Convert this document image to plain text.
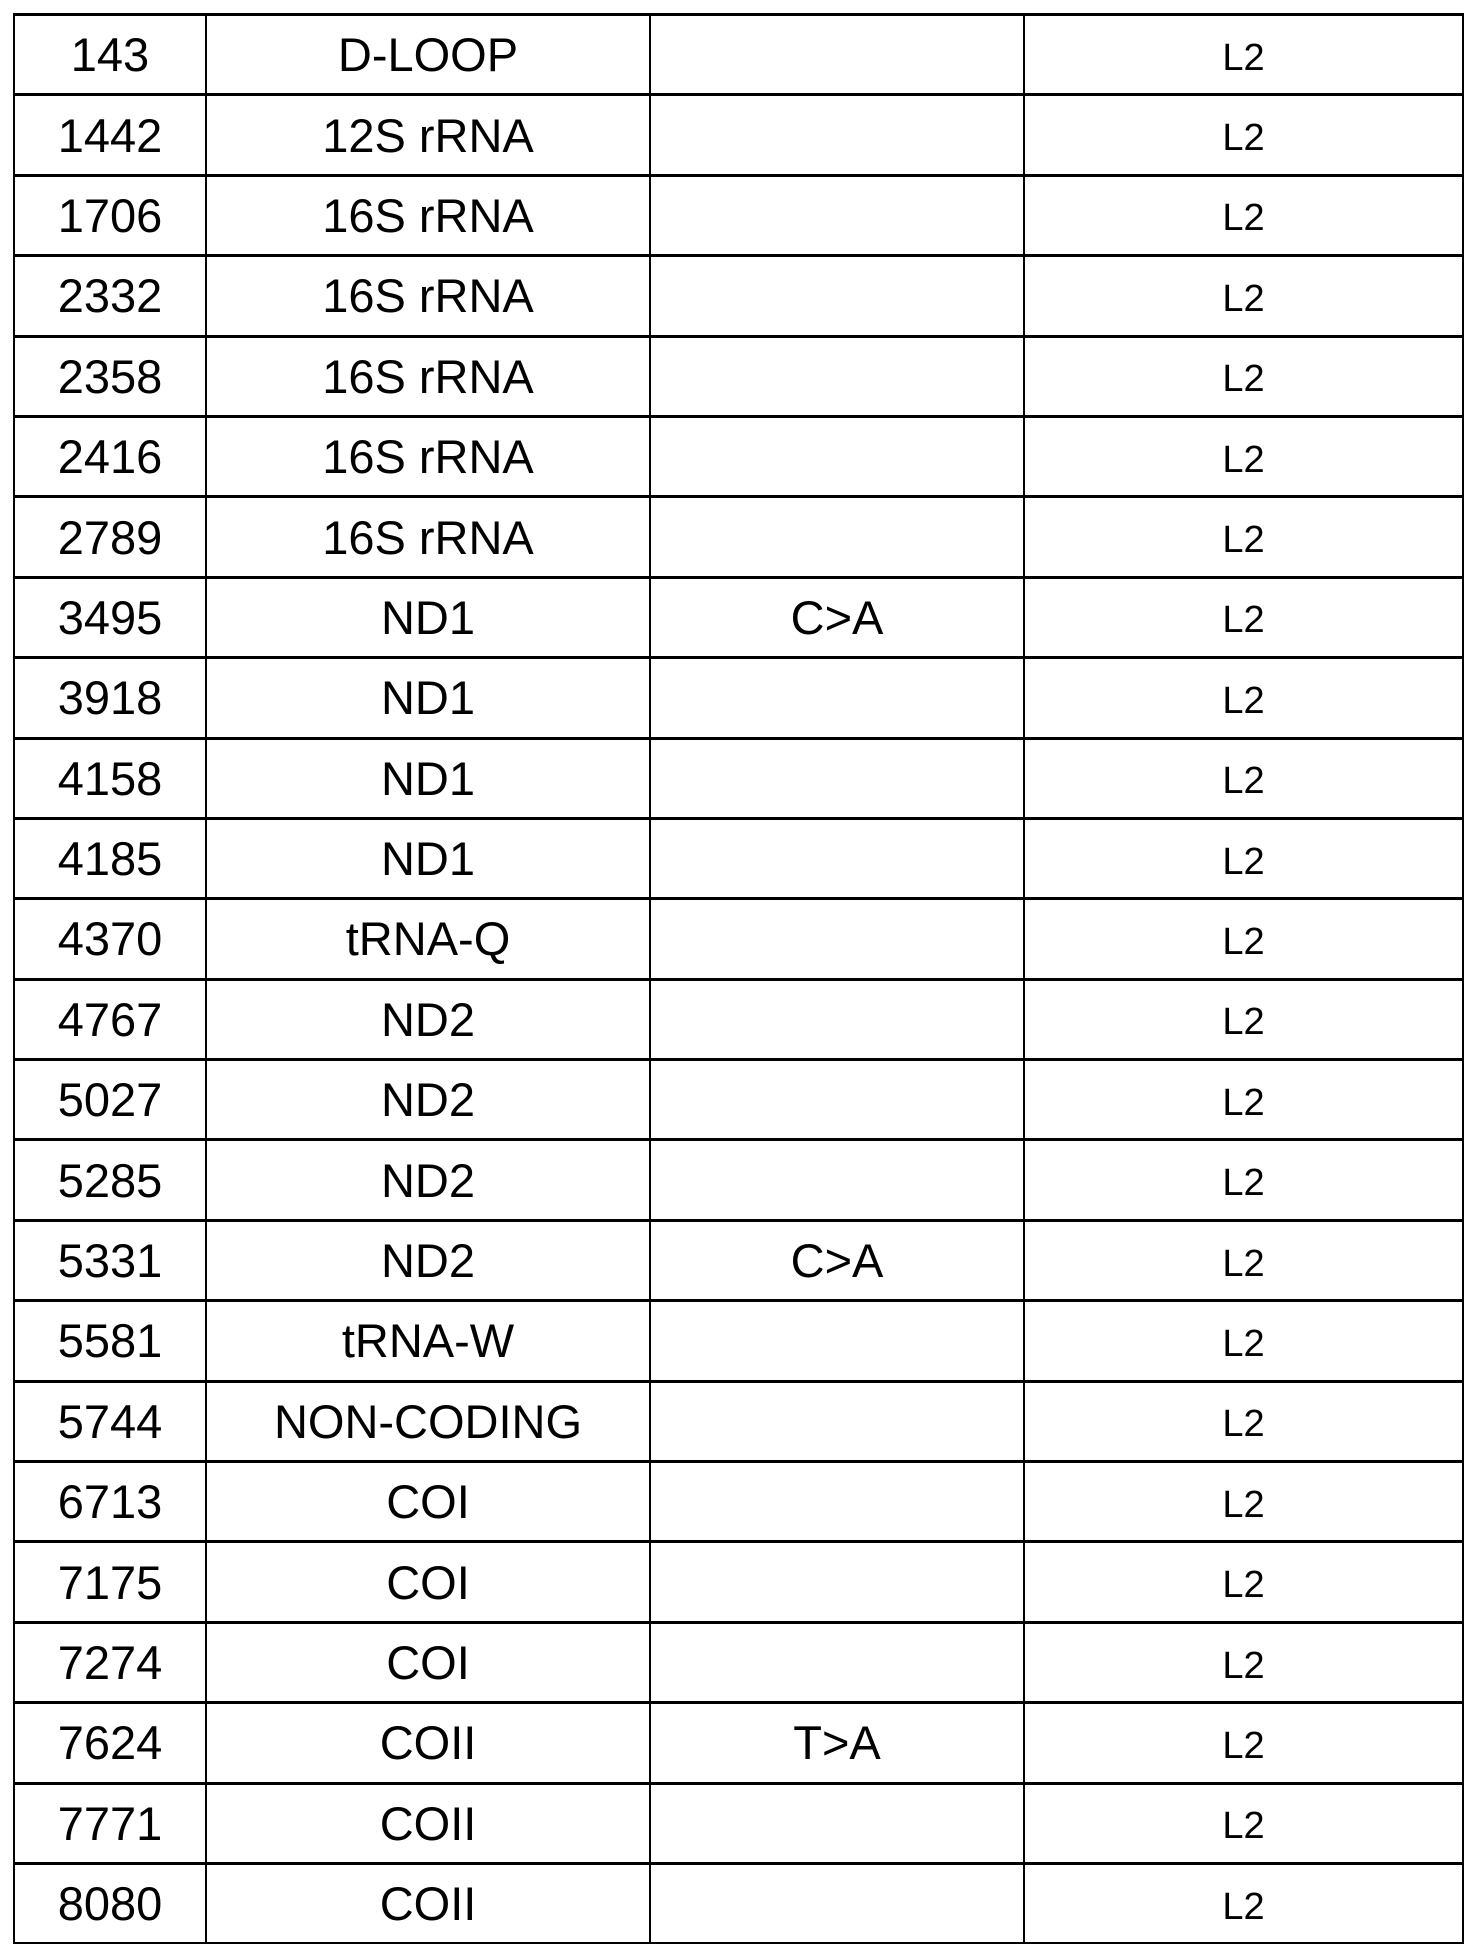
143	D-LOOP		L2
1442	12S rRNA		L2
1706	16S rRNA		L2
2332	16S rRNA		L2
2358	16S rRNA		L2
2416	16S rRNA		L2
2789	16S rRNA		L2
3495	ND1	C>A	L2
3918	ND1		L2
4158	ND1		L2
4185	ND1		L2
4370	tRNA-Q		L2
4767	ND2		L2
5027	ND2		L2
5285	ND2		L2
5331	ND2	C>A	L2
5581	tRNA-W		L2
5744	NON-CODING		L2
6713	COI		L2
7175	COI		L2
7274	COI		L2
7624	COII	T>A	L2
7771	COII		L2
8080	COII		L2
